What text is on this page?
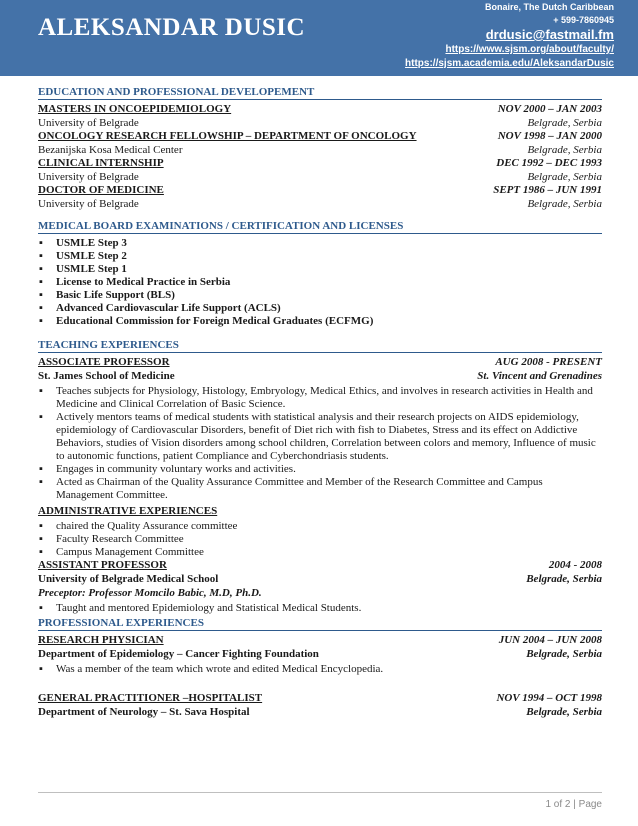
ALEKSANDAR DUSIC
Bonaire, The Dutch Caribbean
+ 599-7860945
drdusic@fastmail.fm
https://www.sjsm.org/about/faculty/
https://sjsm.academia.edu/AleksandarDusic
EDUCATION AND PROFESSIONAL DEVELOPEMENT
MASTERS IN ONCOEPIDEMIOLOGY	NOV 2000 – JAN 2003
University of Belgrade	Belgrade, Serbia
ONCOLOGY RESEARCH FELLOWSHIP – DEPARTMENT OF ONCOLOGY	NOV 1998 – JAN 2000
Bezanijska Kosa Medical Center	Belgrade, Serbia
CLINICAL INTERNSHIP	DEC 1992 – DEC 1993
University of Belgrade	Belgrade, Serbia
DOCTOR OF MEDICINE	SEPT 1986 – JUN 1991
University of Belgrade	Belgrade, Serbia
MEDICAL BOARD EXAMINATIONS / CERTIFICATION AND LICENSES
▪ USMLE Step 3
▪ USMLE Step 2
▪ USMLE Step 1
▪ License to Medical Practice in Serbia
▪ Basic Life Support (BLS)
▪ Advanced Cardiovascular Life Support (ACLS)
▪ Educational Commission for Foreign Medical Graduates (ECFMG)
TEACHING EXPERIENCES
ASSOCIATE PROFESSOR	AUG 2008 - PRESENT
St. James School of Medicine	St. Vincent and Grenadines
▪ Teaches subjects for Physiology, Histology, Embryology, Medical Ethics, and involves in research activities in Health and Medicine and Clinical Correlation of Basic Science.
▪ Actively mentors teams of medical students with statistical analysis and their research projects on AIDS epidemiology, epidemiology of Cardiovascular Disorders, benefit of Diet rich with fish to Diabetes, Stress and its effect on Addictive Behaviors, studies of Vision disorders among school children, Correlation between colors and memory, Influence of music to autonomic functions, patient Compliance and Cyberchondriasis students.
▪ Engages in community voluntary works and activities.
▪ Acted as Chairman of the Quality Assurance Committee and Member of the Research Committee and Campus Management Committee.
ADMINISTRATIVE EXPERIENCES
▪ chaired the Quality Assurance committee
▪ Faculty Research Committee
▪ Campus Management Committee
ASSISTANT PROFESSOR	2004 - 2008
University of Belgrade Medical School	Belgrade, Serbia
Preceptor: Professor Momcilo Babic, M.D, Ph.D.
▪ Taught and mentored Epidemiology and Statistical Medical Students.
PROFESSIONAL EXPERIENCES
RESEARCH PHYSICIAN	JUN 2004 – JUN 2008
Department of Epidemiology – Cancer Fighting Foundation	Belgrade, Serbia
▪ Was a member of the team which wrote and edited Medical Encyclopedia.
GENERAL PRACTITIONER –HOSPITALIST	NOV 1994 – OCT 1998
Department of Neurology – St. Sava Hospital	Belgrade, Serbia
1 of 2 | Page
